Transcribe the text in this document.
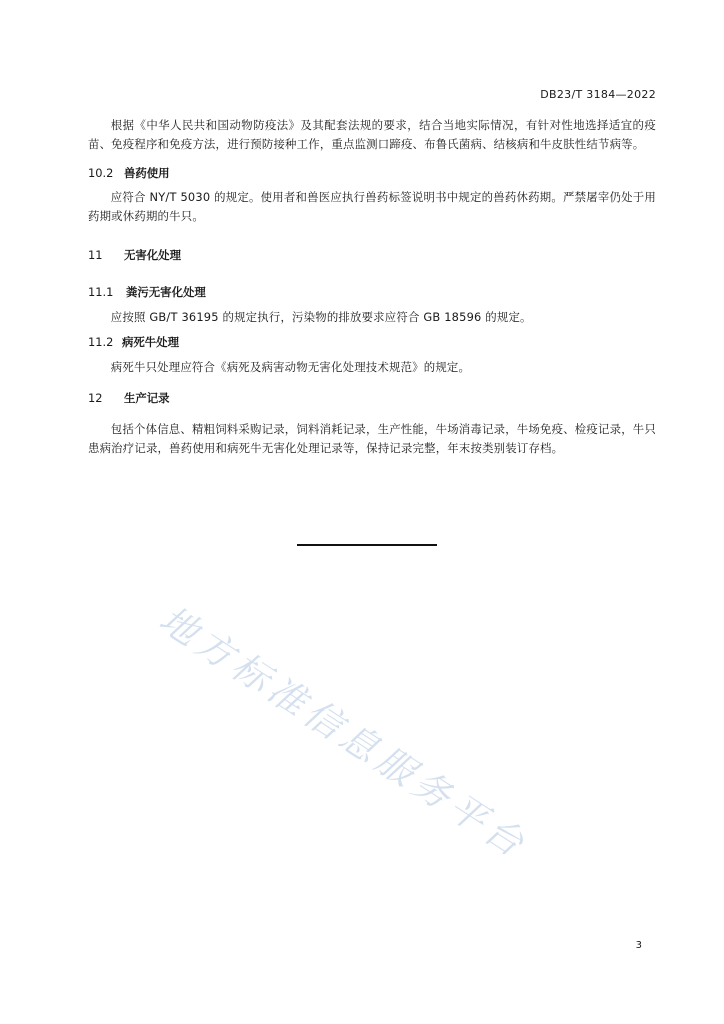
DB23/T 3184—2022

根据《中华人民共和国动物防疫法》及其配套法规的要求，结合当地实际情况，有针对性地选择适宜的疫苗、免疫程序和免疫方法，进行预防接种工作，重点监测口蹄疫、布鲁氏菌病、结核病和牛皮肤性结节病等。

10.2 兽药使用

应符合 NY/T 5030 的规定。使用者和兽医应执行兽药标签说明书中规定的兽药休药期。严禁屠宰仍处于用药期或休药期的牛只。

11	无害化处理
11.1	粪污无害化处理

应按照 GB/T 36195 的规定执行，污染物的排放要求应符合 GB 18596 的规定。

11.2 病死牛处理

病死牛只处理应符合《病死及病害动物无害化处理技术规范》的规定。

12	生产记录

包括个体信息、精粗饲料采购记录，饲料消耗记录，生产性能，牛场消毒记录，牛场免疫、检疫记录，牛只患病治疗记录，兽药使用和病死牛无害化处理记录等，保持记录完整，年末按类别装订存档。

地方标准信息服务平台
3
